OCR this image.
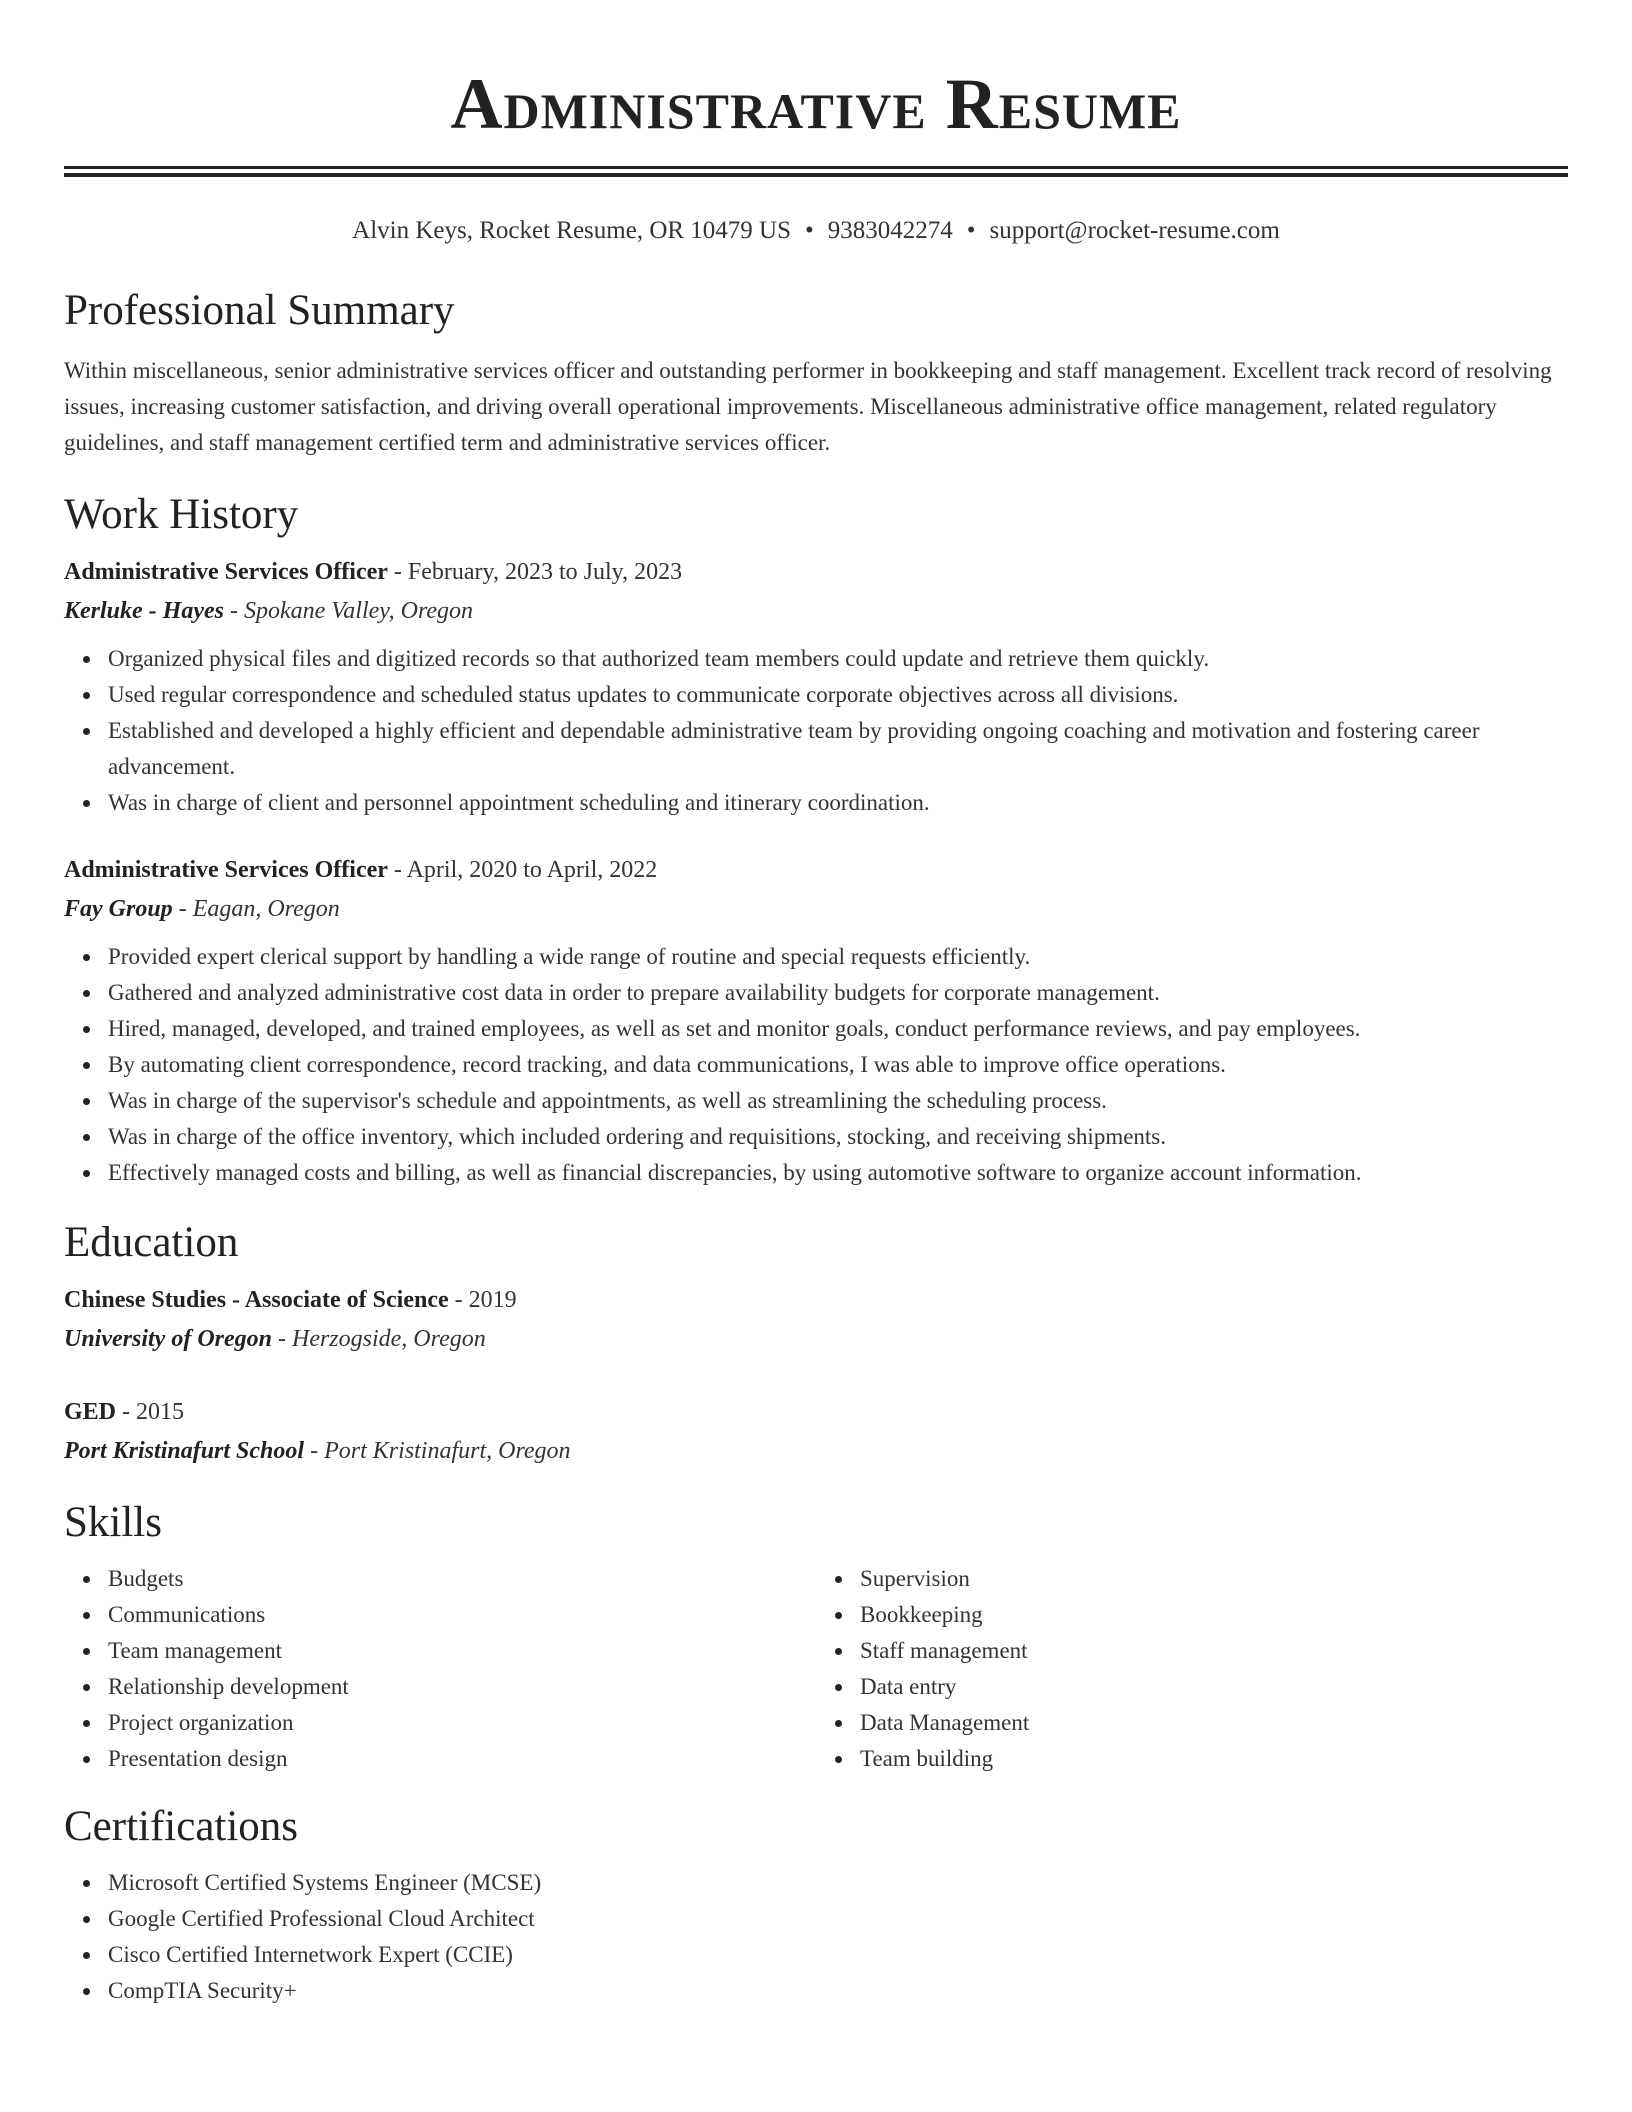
Administrative Resume
Alvin Keys, Rocket Resume, OR 10479 US • 9383042274 • support@rocket-resume.com
Professional Summary
Within miscellaneous, senior administrative services officer and outstanding performer in bookkeeping and staff management. Excellent track record of resolving issues, increasing customer satisfaction, and driving overall operational improvements. Miscellaneous administrative office management, related regulatory guidelines, and staff management certified term and administrative services officer.
Work History
Administrative Services Officer - February, 2023 to July, 2023
Kerluke - Hayes - Spokane Valley, Oregon
Organized physical files and digitized records so that authorized team members could update and retrieve them quickly.
Used regular correspondence and scheduled status updates to communicate corporate objectives across all divisions.
Established and developed a highly efficient and dependable administrative team by providing ongoing coaching and motivation and fostering career advancement.
Was in charge of client and personnel appointment scheduling and itinerary coordination.
Administrative Services Officer - April, 2020 to April, 2022
Fay Group - Eagan, Oregon
Provided expert clerical support by handling a wide range of routine and special requests efficiently.
Gathered and analyzed administrative cost data in order to prepare availability budgets for corporate management.
Hired, managed, developed, and trained employees, as well as set and monitor goals, conduct performance reviews, and pay employees.
By automating client correspondence, record tracking, and data communications, I was able to improve office operations.
Was in charge of the supervisor's schedule and appointments, as well as streamlining the scheduling process.
Was in charge of the office inventory, which included ordering and requisitions, stocking, and receiving shipments.
Effectively managed costs and billing, as well as financial discrepancies, by using automotive software to organize account information.
Education
Chinese Studies - Associate of Science - 2019
University of Oregon - Herzogside, Oregon
GED - 2015
Port Kristinafurt School - Port Kristinafurt, Oregon
Skills
Budgets
Communications
Team management
Relationship development
Project organization
Presentation design
Supervision
Bookkeeping
Staff management
Data entry
Data Management
Team building
Certifications
Microsoft Certified Systems Engineer (MCSE)
Google Certified Professional Cloud Architect
Cisco Certified Internetwork Expert (CCIE)
CompTIA Security+
